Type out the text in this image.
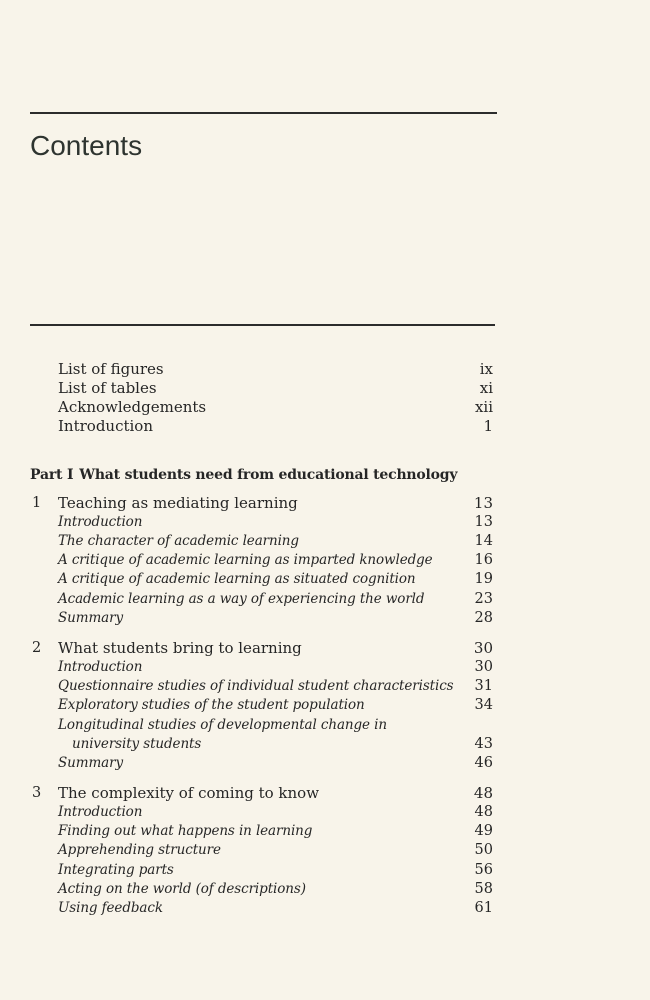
Contents
List of figures	ix
List of tables	xi
Acknowledgements	xii
Introduction	1
Part I What students need from educational technology
1	Teaching as mediating learning	13
Introduction	13
The character of academic learning	14
A critique of academic learning as imparted knowledge	16
A critique of academic learning as situated cognition	19
Academic learning as a way of experiencing the world	23
Summary	28
2	What students bring to learning	30
Introduction	30
Questionnaire studies of individual student characteristics	31
Exploratory studies of the student population	34
Longitudinal studies of developmental change in
university students	43
Summary	46
3	The complexity of coming to know	48
Introduction	48
Finding out what happens in learning	49
Apprehending structure	50
Integrating parts	56
Acting on the world (of descriptions)	58
Using feedback	61
